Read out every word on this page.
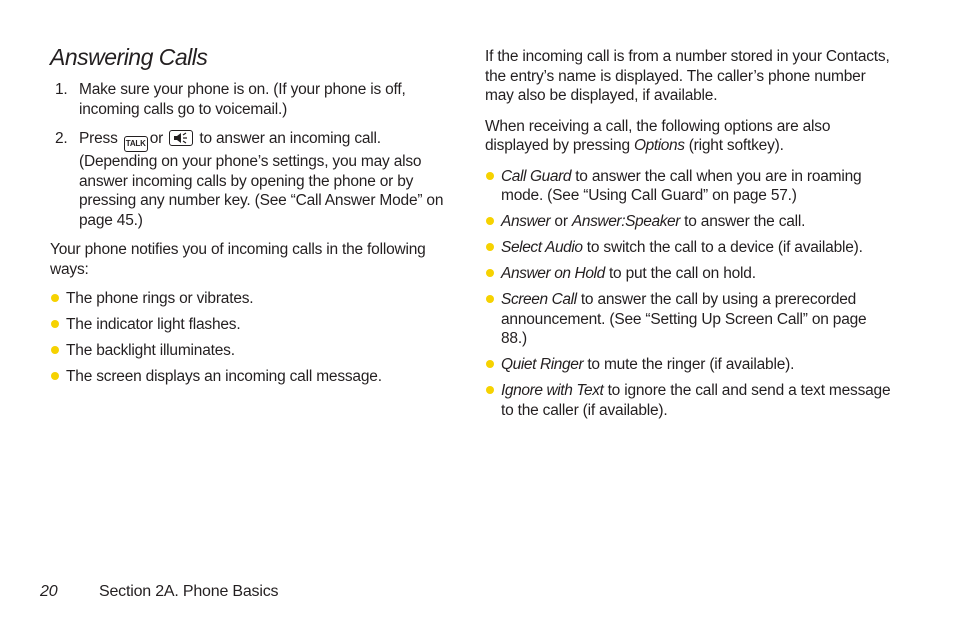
Answering Calls
1. Make sure your phone is on. (If your phone is off, incoming calls go to voicemail.)
2. Press TALK or to answer an incoming call. (Depending on your phone’s settings, you may also answer incoming calls by opening the phone or by pressing any number key. (See “Call Answer Mode” on page 45.)

Your phone notifies you of incoming calls in the following ways:

The phone rings or vibrates.
The indicator light flashes.
The backlight illuminates.
The screen displays an incoming call message.

If the incoming call is from a number stored in your Contacts, the entry’s name is displayed. The caller’s phone number may also be displayed, if available.

When receiving a call, the following options are also displayed by pressing Options (right softkey).

Call Guard to answer the call when you are in roaming mode. (See “Using Call Guard” on page 57.)
Answer or Answer:Speaker to answer the call.
Select Audio to switch the call to a device (if available).
Answer on Hold to put the call on hold.
Screen Call to answer the call by using a prerecorded announcement. (See “Setting Up Screen Call” on page 88.)
Quiet Ringer to mute the ringer (if available).
Ignore with Text to ignore the call and send a text message to the caller (if available).
20	Section 2A. Phone Basics
